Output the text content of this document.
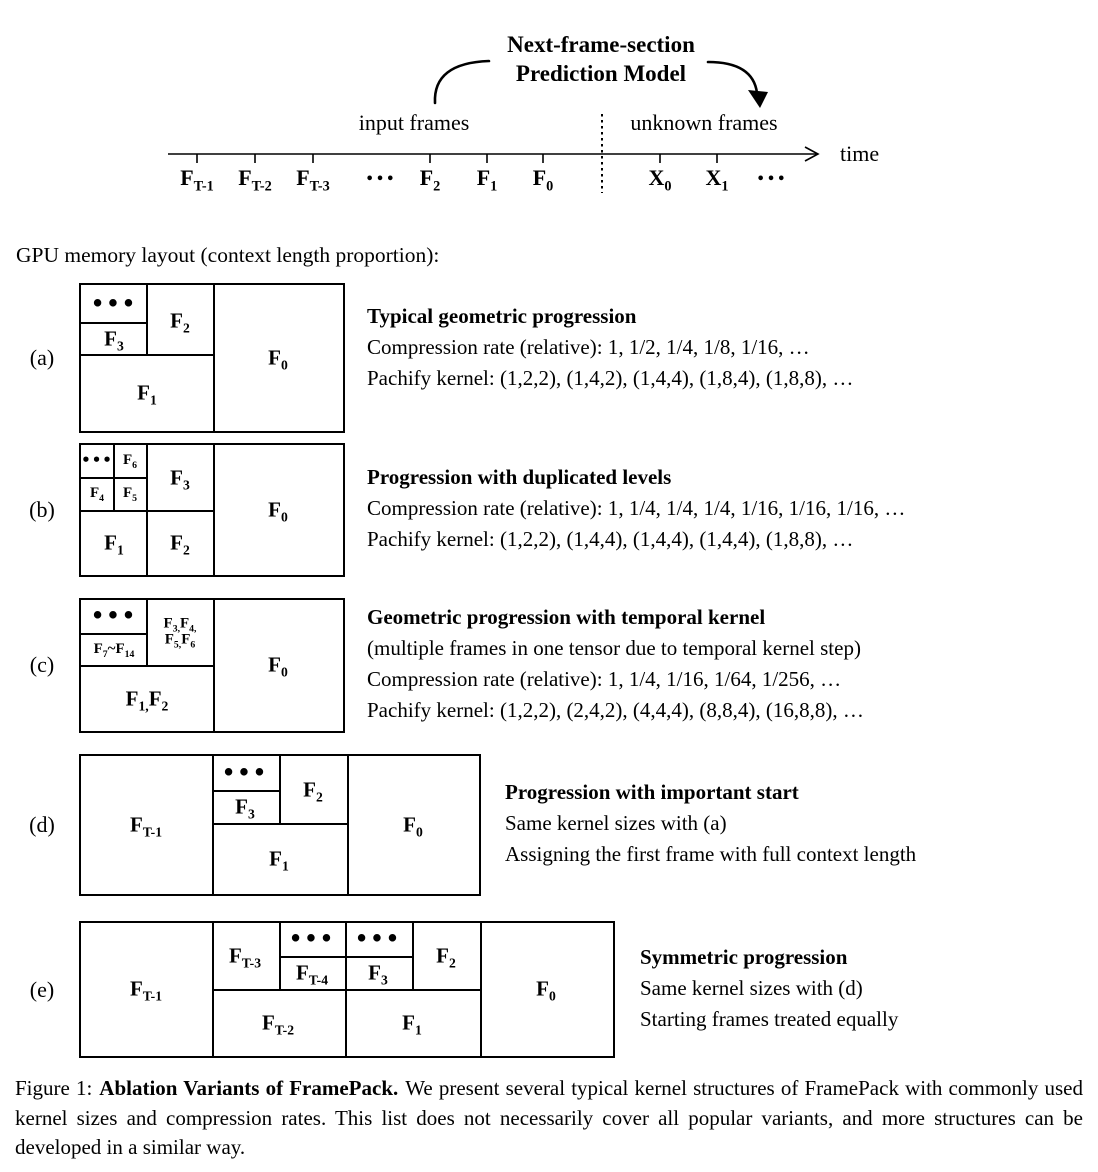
Next-frame-section
Prediction Model
input frames	unknown frames
time
$F_{T-1}$ $F_{T-2}$ $F_{T-3}$	••• $F_2$ $F_1$ $F_0$	$X_0$ $X_1$ •••
GPU memory layout (context length proportion):
(a)
•••
$F_3$
$F_2$
$F_1$
$F_0$
Typical geometric progression
Compression rate (relative): 1, 1/2, 1/4, 1/8, 1/16, …
Pachify kernel: (1,2,2), (1,4,2), (1,4,4), (1,8,4), (1,8,8), …
(b)
••• $F_6$
$F_4$ $F_5$
$F_3$
$F_1$ $F_2$
$F_0$
Progression with duplicated levels
Compression rate (relative): 1, 1/4, 1/4, 1/4, 1/16, 1/16, 1/16, …
Pachify kernel: (1,2,2), (1,4,4), (1,4,4), (1,4,4), (1,8,8), …
(c)
•••
$F_7\sim F_{14}$
$F_{3,}F_{4,}$
$F_{5,}F_6$
$F_{1,}F_2$
$F_0$
Geometric progression with temporal kernel
(multiple frames in one tensor due to temporal kernel step)
Compression rate (relative): 1, 1/4, 1/16, 1/64, 1/256, …
Pachify kernel: (1,2,2), (2,4,2), (4,4,4), (8,8,4), (16,8,8), …
(d)	$F_{T-1}$
•••
$F_3$
$F_2$
$F_1$
$F_0$
Progression with important start
Same kernel sizes with (a)
Assigning the first frame with full context length
(e)	$F_{T-1}$
$F_{T-3}$
•••
$F_{T-4}$
•••
$F_3$
$F_2$
$F_{T-2}$	$F_1$
$F_0$
Symmetric progression
Same kernel sizes with (d)
Starting frames treated equally
Figure 1: Ablation Variants of FramePack. We present several typical kernel structures of FramePack with commonly used kernel sizes and compression rates. This list does not necessarily cover all popular variants, and more structures can be developed in a similar way.
